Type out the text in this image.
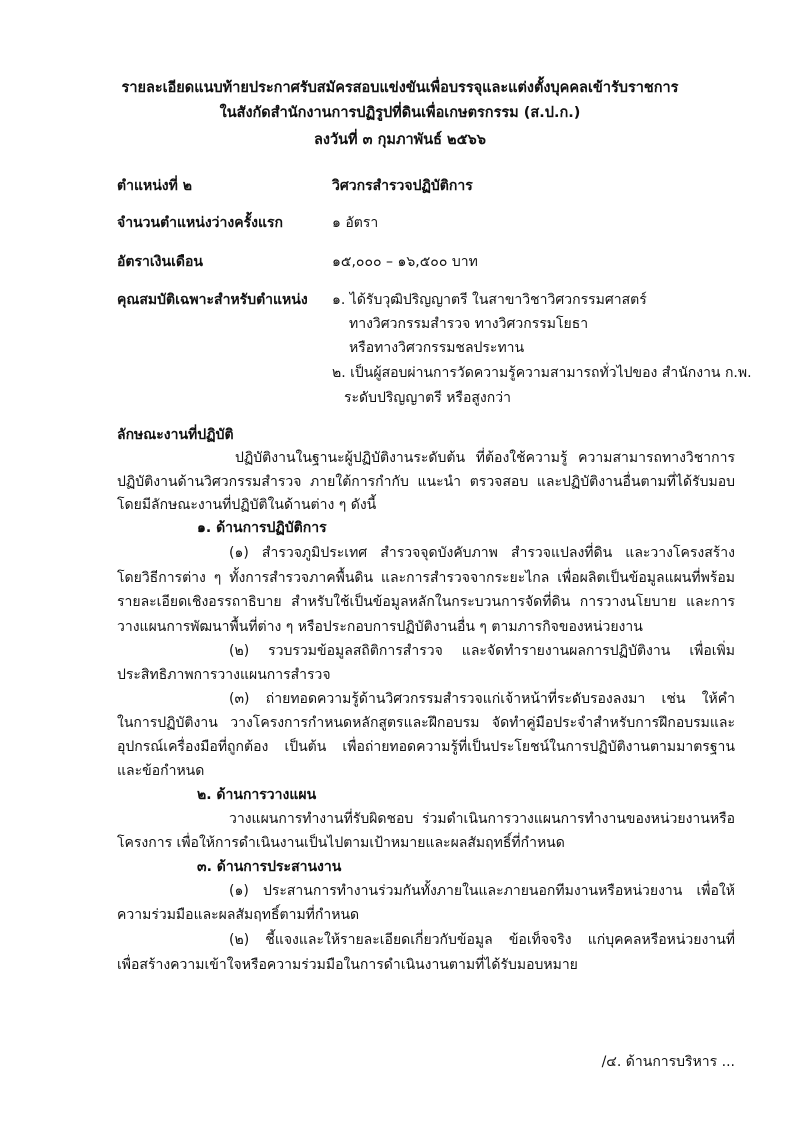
รายละเอียดแนบท้ายประกาศรับสมัครสอบแข่งขันเพื่อบรรจุและแต่งตั้งบุคคลเข้ารับราชการ
ในสังกัดสำนักงานการปฏิรูปที่ดินเพื่อเกษตรกรรม (ส.ป.ก.)
ลงวันที่ ๓ กุมภาพันธ์ ๒๕๖๖
ตำแหน่งที่ ๒	วิศวกรสำรวจปฏิบัติการ
จำนวนตำแหน่งว่างครั้งแรก	๑ อัตรา
อัตราเงินเดือน	๑๕,๐๐๐ – ๑๖,๕๐๐ บาท
คุณสมบัติเฉพาะสำหรับตำแหน่ง ๑. ได้รับวุฒิปริญญาตรี ในสาขาวิชาวิศวกรรมศาสตร์
ทางวิศวกรรมสำรวจ ทางวิศวกรรมโยธา
หรือทางวิศวกรรมชลประทาน
๒. เป็นผู้สอบผ่านการวัดความรู้ความสามารถทั่วไปของ สำนักงาน ก.พ.
ระดับปริญญาตรี หรือสูงกว่า
ลักษณะงานที่ปฏิบัติ
ปฏิบัติงานในฐานะผู้ปฏิบัติงานระดับต้น ที่ต้องใช้ความรู้ ความสามารถทางวิชาการ
ปฏิบัติงานด้านวิศวกรรมสำรวจ ภายใต้การกำกับ แนะนำ ตรวจสอบ และปฏิบัติงานอื่นตามที่ได้รับมอบ
โดยมีลักษณะงานที่ปฏิบัติในด้านต่าง ๆ ดังนี้
๑. ด้านการปฏิบัติการ
(๑) สำรวจภูมิประเทศ สำรวจจุดบังคับภาพ สำรวจแปลงที่ดิน และวางโครงสร้าง
โดยวิธีการต่าง ๆ ทั้งการสำรวจภาคพื้นดิน และการสำรวจจากระยะไกล เพื่อผลิตเป็นข้อมูลแผนที่พร้อม
รายละเอียดเชิงอรรถาธิบาย สำหรับใช้เป็นข้อมูลหลักในกระบวนการจัดที่ดิน การวางนโยบาย และการ
วางแผนการพัฒนาพื้นที่ต่าง ๆ หรือประกอบการปฏิบัติงานอื่น ๆ ตามภารกิจของหน่วยงาน
(๒) รวบรวมข้อมูลสถิติการสำรวจ และจัดทำรายงานผลการปฏิบัติงาน เพื่อเพิ่ม
ประสิทธิภาพการวางแผนการสำรวจ
(๓) ถ่ายทอดความรู้ด้านวิศวกรรมสำรวจแก่เจ้าหน้าที่ระดับรองลงมา เช่น ให้คำ
ในการปฏิบัติงาน วางโครงการกำหนดหลักสูตรและฝึกอบรม จัดทำคู่มือประจำสำหรับการฝึกอบรมและ
อุปกรณ์เครื่องมือที่ถูกต้อง เป็นต้น เพื่อถ่ายทอดความรู้ที่เป็นประโยชน์ในการปฏิบัติงานตามมาตรฐาน
และข้อกำหนด
๒. ด้านการวางแผน
วางแผนการทำงานที่รับผิดชอบ ร่วมดำเนินการวางแผนการทำงานของหน่วยงานหรือ
โครงการ เพื่อให้การดำเนินงานเป็นไปตามเป้าหมายและผลสัมฤทธิ์ที่กำหนด
๓. ด้านการประสานงาน
(๑) ประสานการทำงานร่วมกันทั้งภายในและภายนอกทีมงานหรือหน่วยงาน เพื่อให้
ความร่วมมือและผลสัมฤทธิ์ตามที่กำหนด
(๒) ชี้แจงและให้รายละเอียดเกี่ยวกับข้อมูล ข้อเท็จจริง แก่บุคคลหรือหน่วยงานที่
เพื่อสร้างความเข้าใจหรือความร่วมมือในการดำเนินงานตามที่ได้รับมอบหมาย
/๔. ด้านการบริหาร ...
